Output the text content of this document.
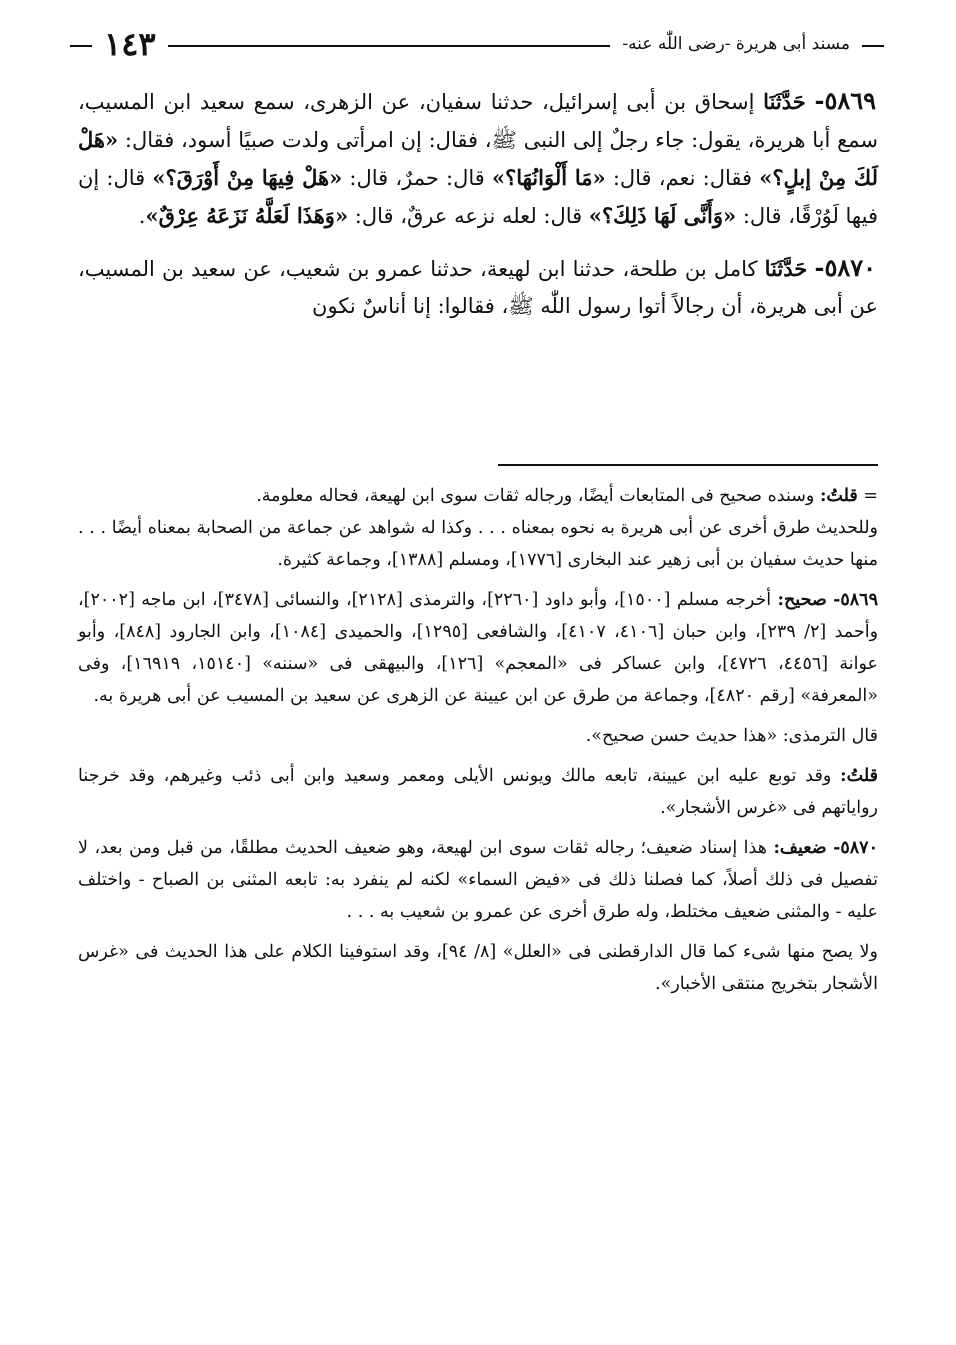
مسند أبى هريرة -رضى اللّٰه عنه-
١٤٣

٥٨٦٩- حَدَّثَنَا إسحاق بن أبى إسرائيل، حدثنا سفيان، عن الزهرى، سمع سعيد ابن المسيب، سمع أبا هريرة، يقول: جاء رجلٌ إلى النبى ﷺ، فقال: إن امرأتى ولدت صبيًا أسود، فقال: «هَلْ لَكَ مِنْ إبلٍ؟» فقال: نعم، قال: «مَا أَلْوَانُهَا؟» قال: حمرٌ، قال: «هَلْ فِيهَا مِنْ أَوْرَقَ؟» قال: إن فيها لَوُرْقًا، قال: «وَأَنَّى لَهَا ذَلِكَ؟» قال: لعله نزعه عرقٌ، قال: «وَهَذَا لَعَلَّهُ نَزَعَهُ عِرْقٌ».

٥٨٧٠- حَدَّثَنَا كامل بن طلحة، حدثنا ابن لهيعة، حدثنا عمرو بن شعيب، عن سعيد بن المسيب، عن أبى هريرة، أن رجالاً أتوا رسول اللّٰه ﷺ، فقالوا: إنا أناسٌ نكون

= قلتُ: وسنده صحيح فى المتابعات أيضًا، ورجاله ثقات سوى ابن لهيعة، فحاله معلومة.
وللحديث طرق أخرى عن أبى هريرة به نحوه بمعناه . . . وكذا له شواهد عن جماعة من الصحابة بمعناه أيضًا . . . منها حديث سفيان بن أبى زهير عند البخارى [١٧٧٦]، ومسلم [١٣٨٨]، وجماعة كثيرة.

٥٨٦٩- صحيح: أخرجه مسلم [١٥٠٠]، وأبو داود [٢٢٦٠]، والترمذى [٢١٢٨]، والنسائى [٣٤٧٨]، ابن ماجه [٢٠٠٢]، وأحمد [٢/ ٢٣٩]، وابن حبان [٤١٠٦، ٤١٠٧]، والشافعى [١٢٩٥]، والحميدى [١٠٨٤]، وابن الجارود [٨٤٨]، وأبو عوانة [٤٤٥٦، ٤٧٢٦]، وابن عساكر فى «المعجم» [١٢٦]، والبيهقى فى «سننه» [١٥١٤٠، ١٦٩١٩]، وفى «المعرفة» [رقم ٤٨٢٠]، وجماعة من طرق عن ابن عيينة عن الزهرى عن سعيد بن المسيب عن أبى هريرة به.

قال الترمذى: «هذا حديث حسن صحيح».

قلتُ: وقد توبع عليه ابن عيينة، تابعه مالك ويونس الأيلى ومعمر وسعيد وابن أبى ذئب وغيرهم، وقد خرجنا رواياتهم فى «غرس الأشجار».

٥٨٧٠- ضعيف: هذا إسناد ضعيف؛ رجاله ثقات سوى ابن لهيعة، وهو ضعيف الحديث مطلقًا، من قبل ومن بعد، لا تفصيل فى ذلك أصلاً، كما فصلنا ذلك فى «فيض السماء» لكنه لم ينفرد به: تابعه المثنى بن الصباح - واختلف عليه - والمثنى ضعيف مختلط، وله طرق أخرى عن عمرو بن شعيب به . . .

ولا يصح منها شىء كما قال الدارقطنى فى «العلل» [٨/ ٩٤]، وقد استوفينا الكلام على هذا الحديث فى «غرس الأشجار بتخريج منتقى الأخبار».
